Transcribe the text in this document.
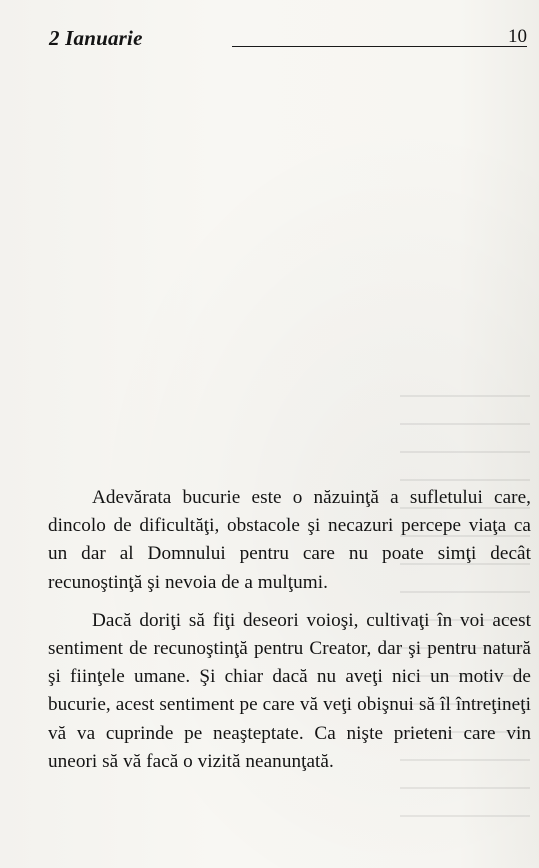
2 Ianuarie	10

Adevărata bucurie este o năzuinţă a sufletului care, dincolo de dificultăţi, obstacole şi necazuri percepe viaţa ca un dar al Domnului pentru care nu poate simţi decât recunoştinţă şi nevoia de a mulţumi.

Dacă doriţi să fiţi deseori voioşi, cultivaţi în voi acest sentiment de recunoştinţă pentru Creator, dar şi pentru natură şi fiinţele umane. Şi chiar dacă nu aveţi nici un motiv de bucurie, acest sentiment pe care vă veţi obişnui să îl întreţineţi vă va cuprinde pe neaşteptate. Ca nişte prieteni care vin uneori să vă facă o vizită neanunţată.
